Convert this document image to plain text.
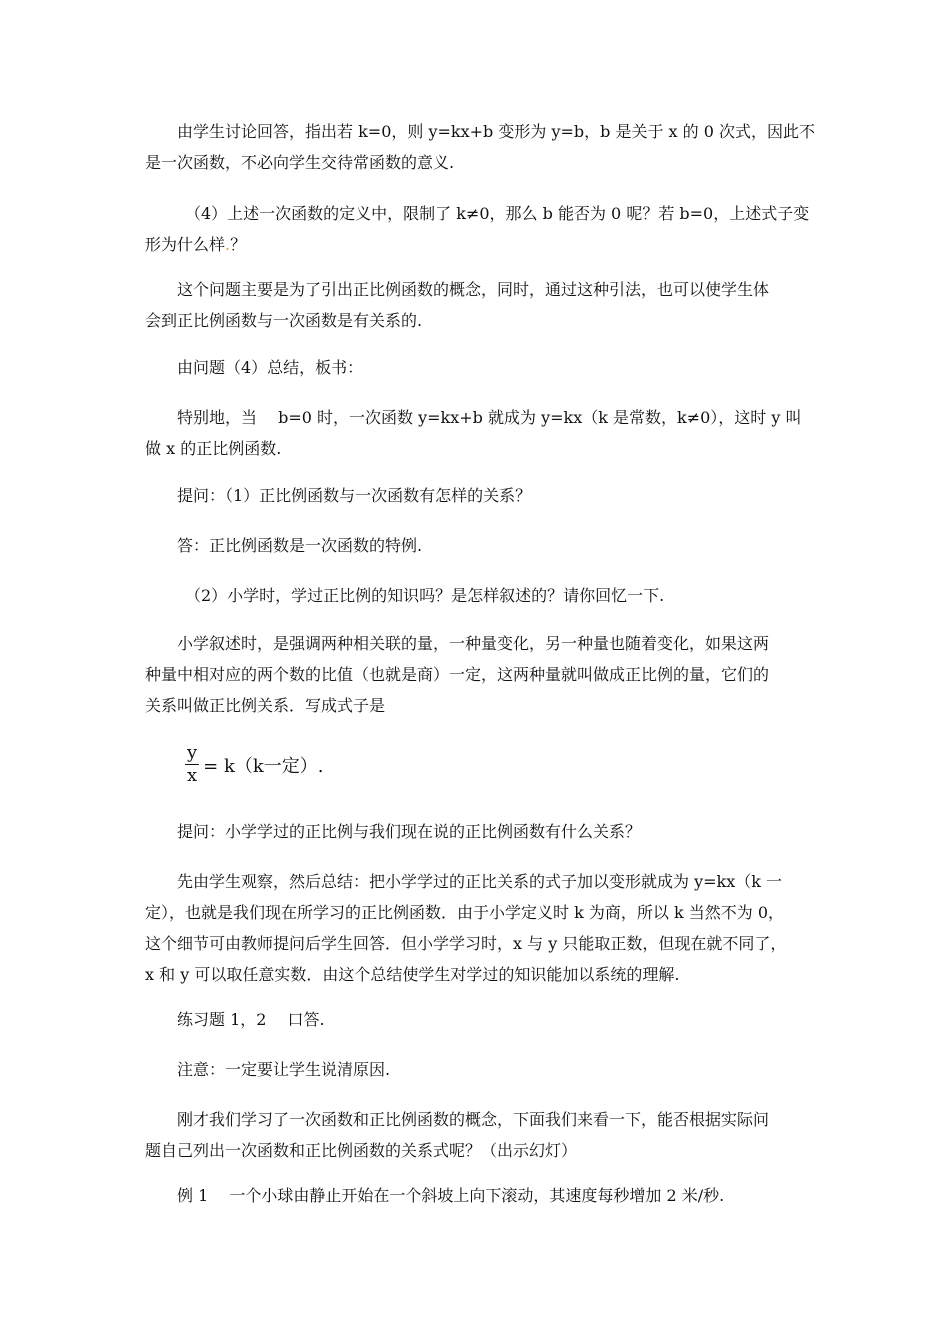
由学生讨论回答，指出若 k=0，则 y=kx+b 变形为 y=b，b 是关于 x 的 0 次式，因此不
是一次函数，不必向学生交待常函数的意义.
（4）上述一次函数的定义中，限制了 k≠0，那么 b 能否为 0 呢？若 b=0，上述式子变
形为什么样.？
这个问题主要是为了引出正比例函数的概念，同时，通过这种引法，也可以使学生体
会到正比例函数与一次函数是有关系的.
由问题（4）总结，板书：
特别地，当　 b=0 时，一次函数 y=kx+b 就成为 y=kx（k 是常数，k≠0），这时 y 叫
做 x 的正比例函数.
提问：（1）正比例函数与一次函数有怎样的关系？
答：正比例函数是一次函数的特例.
（2）小学时，学过正比例的知识吗？是怎样叙述的？请你回忆一下.
小学叙述时，是强调两种相关联的量，一种量变化，另一种量也随着变化，如果这两
种量中相对应的两个数的比值（也就是商）一定，这两种量就叫做成正比例的量，它们的
关系叫做正比例关系．写成式子是
$\frac{y}{x} = k(k$一定）.
提问：小学学过的正比例与我们现在说的正比例函数有什么关系？
先由学生观察，然后总结：把小学学过的正比关系的式子加以变形就成为 y=kx（k 一
定），也就是我们现在所学习的正比例函数．由于小学定义时 k 为商，所以 k 当然不为 0，
这个细节可由教师提问后学生回答．但小学学习时，x 与 y 只能取正数，但现在就不同了，
x 和 y 可以取任意实数．由这个总结使学生对学过的知识能加以系统的理解.
练习题 1，2　 口答.
注意：一定要让学生说清原因.
刚才我们学习了一次函数和正比例函数的概念，下面我们来看一下，能否根据实际问
题自己列出一次函数和正比例函数的关系式呢？（出示幻灯）
例 1　 一个小球由静止开始在一个斜坡上向下滚动，其速度每秒增加 2 米/秒.
